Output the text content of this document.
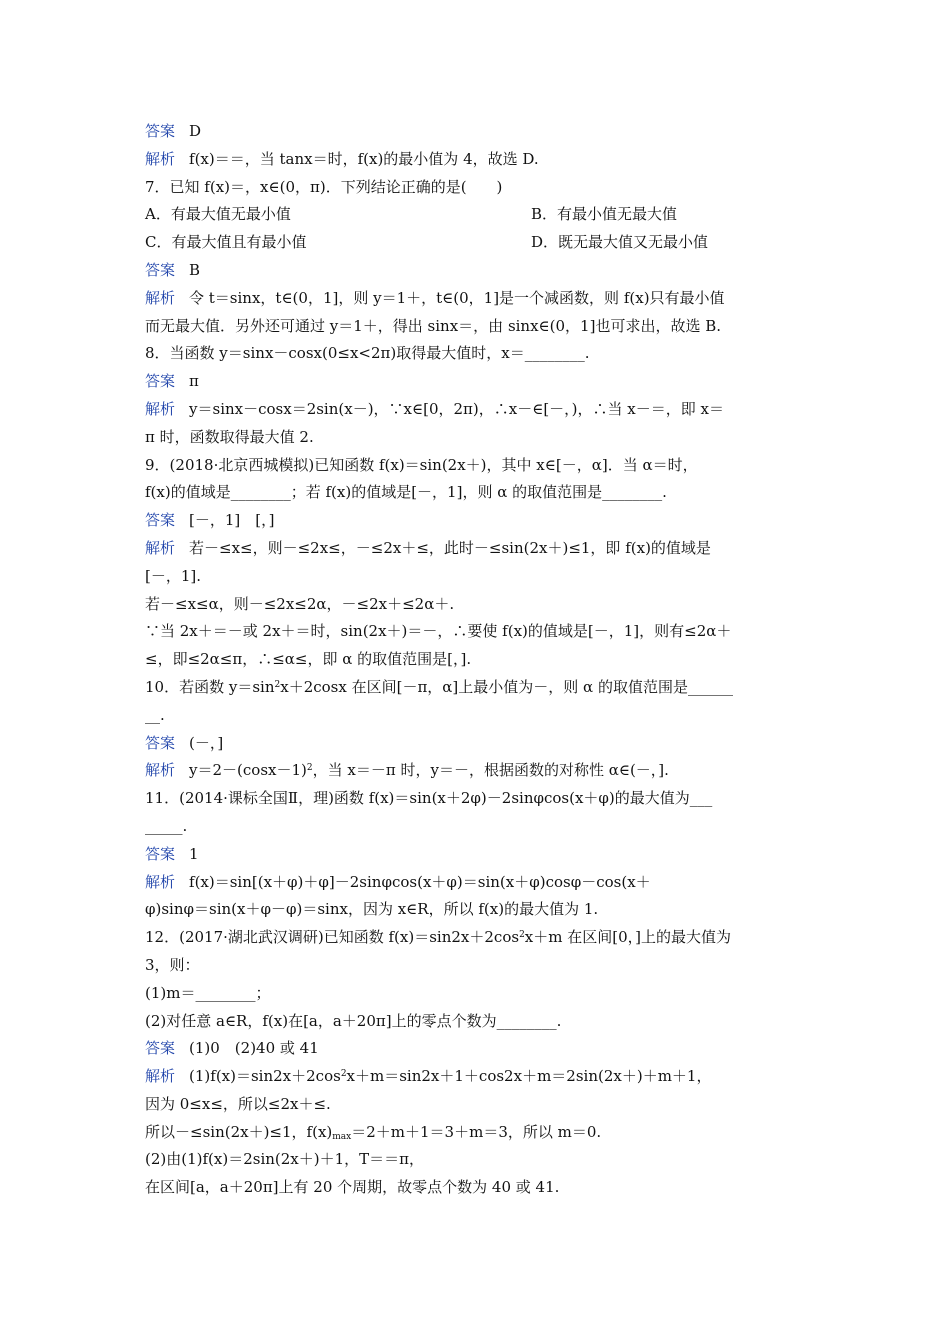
答案 D
解析 f(x)＝＝，当 tanx＝时，f(x)的最小值为 4，故选 D.
7．已知 f(x)＝，x∈(0，π)．下列结论正确的是(　　)
A．有最大值无最小值	B．有最小值无最大值
C．有最大值且有最小值	D．既无最大值又无最小值
答案 B
解析 令 t＝sinx，t∈(0，1]，则 y＝1＋，t∈(0，1]是一个减函数，则 f(x)只有最小值
而无最大值．另外还可通过 y＝1＋，得出 sinx＝，由 sinx∈(0，1]也可求出，故选 B.
8．当函数 y＝sinx－cosx(0≤x<2π)取得最大值时，x＝________.
答案 π
解析 y＝sinx－cosx＝2sin(x－)，∵x∈[0，2π)，∴x－∈[－，)，∴当 x－＝，即 x＝
π 时，函数取得最大值 2.
9．(2018·北京西城模拟)已知函数 f(x)＝sin(2x＋)，其中 x∈[－，α]．当 α＝时，
f(x)的值域是________；若 f(x)的值域是[－，1]，则 α 的取值范围是________.
答案 [－，1]　[，]
解析 若－≤x≤，则－≤2x≤，－≤2x＋≤，此时－≤sin(2x＋)≤1，即 f(x)的值域是
[－，1].
若－≤x≤α，则－≤2x≤2α，－≤2x＋≤2α＋.
∵当 2x＋＝－或 2x＋＝时，sin(2x＋)＝－，∴要使 f(x)的值域是[－，1]，则有≤2α＋
≤，即≤2α≤π，∴≤α≤，即 α 的取值范围是[，].
10．若函数 $y=\sin^2x+2\cos x$ 在区间[－π，α]上最小值为－，则 α 的取值范围是______
__.
答案 (－，]
解析 $y=2-(\cos x-1)^2$，当 x＝－π 时，y＝－，根据函数的对称性 α∈(－，].
11．(2014·课标全国Ⅱ，理)函数 f(x)＝sin(x＋2φ)－2sinφcos(x＋φ)的最大值为___
_____.
答案 1
解析 f(x)＝sin[(x＋φ)＋φ]－2sinφcos(x＋φ)＝sin(x＋φ)cosφ－cos(x＋
φ)sinφ＝sin(x＋φ－φ)＝sinx，因为 x∈R，所以 f(x)的最大值为 1.
12．(2017·湖北武汉调研)已知函数 $f(x)=\sin 2x+2\cos^2x+m$ 在区间[0，]上的最大值为
3，则：
(1)m＝________；
(2)对任意 a∈R，f(x)在[a，a＋20π]上的零点个数为________.
答案 (1)0　(2)40 或 41
解析 $(1)f(x)=\sin 2x+2\cos^2x+m=\sin 2x+1+\cos 2x+m=2\sin(2x+)+m+1$，
因为 0≤x≤，所以≤2x＋≤.
所以－≤sin(2x＋)≤1，$f(x)_{max}=2+m+1=3+m=3$，所以 m＝0.
(2)由(1)f(x)＝2sin(2x＋)＋1，T＝＝π，
在区间[a，a＋20π]上有 20 个周期，故零点个数为 40 或 41.
